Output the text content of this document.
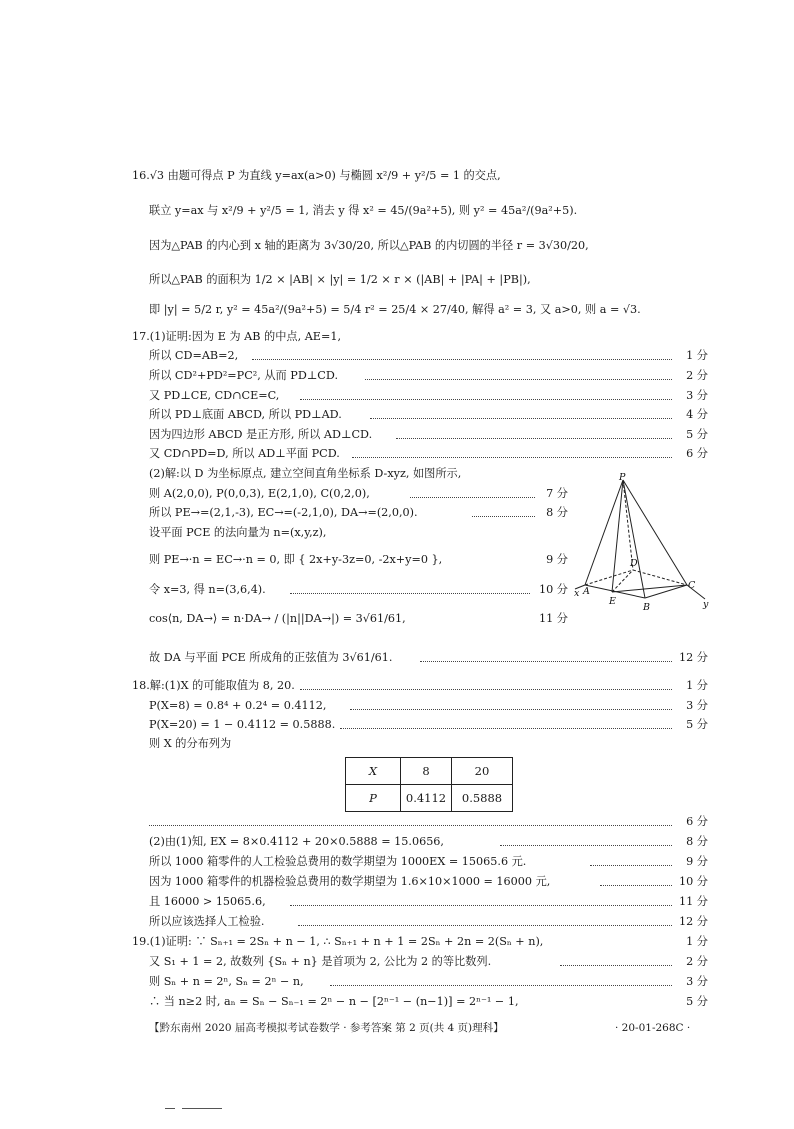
16.√3 由题可得点 P 为直线 y=ax(a>0) 与椭圆 x²/9 + y²/5 = 1 的交点,
联立 y=ax 与 x²/9 + y²/5 = 1, 消去 y 得 x² = 45/(9a²+5), 则 y² = 45a²/(9a²+5).
因为△PAB 的内心到 x 轴的距离为 3√30/20, 所以△PAB 的内切圆的半径 r = 3√30/20,
所以△PAB 的面积为 1/2 × |AB| × |y| = 1/2 × r × (|AB| + |PA| + |PB|),
即 |y| = 5/2 r, y² = 45a²/(9a²+5) = 5/4 r² = 25/4 × 27/40, 解得 a² = 3, 又 a>0, 则 a = √3.
17.(1)证明:因为 E 为 AB 的中点, AE=1,
所以 CD=AB=2,	1 分
所以 CD²+PD²=PC², 从而 PD⊥CD.	2 分
又 PD⊥CE, CD∩CE=C,	3 分
所以 PD⊥底面 ABCD, 所以 PD⊥AD.	4 分
因为四边形 ABCD 是正方形, 所以 AD⊥CD.	5 分
又 CD∩PD=D, 所以 AD⊥平面 PCD.	6 分
(2)解:以 D 为坐标原点, 建立空间直角坐标系 D-xyz, 如图所示,
则 A(2,0,0), P(0,0,3), E(2,1,0), C(0,2,0),	7 分
所以 PE→=(2,1,-3), EC→=(-2,1,0), DA→=(2,0,0).	8 分
设平面 PCE 的法向量为 n=(x,y,z),
则 PE→·n = EC→·n = 0, 即 { 2x+y-3z=0, -2x+y=0 },	9 分
令 x=3, 得 n=(3,6,4).	10 分
cos⟨n, DA→⟩ = n·DA→ / (|n||DA→|) = 3√61/61,	11 分
故 DA 与平面 PCE 所成角的正弦值为 3√61/61.	12 分
18.解:(1)X 的可能取值为 8, 20.	1 分
P(X=8) = 0.8⁴ + 0.2⁴ = 0.4112,	3 分
P(X=20) = 1 − 0.4112 = 0.5888.	5 分
则 X 的分布列为
X	8	20
P	0.4112	0.5888
6 分
(2)由(1)知, EX = 8×0.4112 + 20×0.5888 = 15.0656,	8 分
所以 1000 箱零件的人工检验总费用的数学期望为 1000EX = 15065.6 元.	9 分
因为 1000 箱零件的机器检验总费用的数学期望为 1.6×10×1000 = 16000 元,	10 分
且 16000 > 15065.6,	11 分
所以应该选择人工检验.	12 分
19.(1)证明: ∵ Sₙ₊₁ = 2Sₙ + n − 1, ∴ Sₙ₊₁ + n + 1 = 2Sₙ + 2n = 2(Sₙ + n),	1 分
又 S₁ + 1 = 2, 故数列 {Sₙ + n} 是首项为 2, 公比为 2 的等比数列.	2 分
则 Sₙ + n = 2ⁿ, Sₙ = 2ⁿ − n,	3 分
∴ 当 n≥2 时, aₙ = Sₙ − Sₙ₋₁ = 2ⁿ − n − [2ⁿ⁻¹ − (n−1)] = 2ⁿ⁻¹ − 1,	5 分
【黔东南州 2020 届高考模拟考试卷数学 · 参考答案 第 2 页(共 4 页)理科】	· 20-01-268C ·
P
D
A
E
B
C
x
y
